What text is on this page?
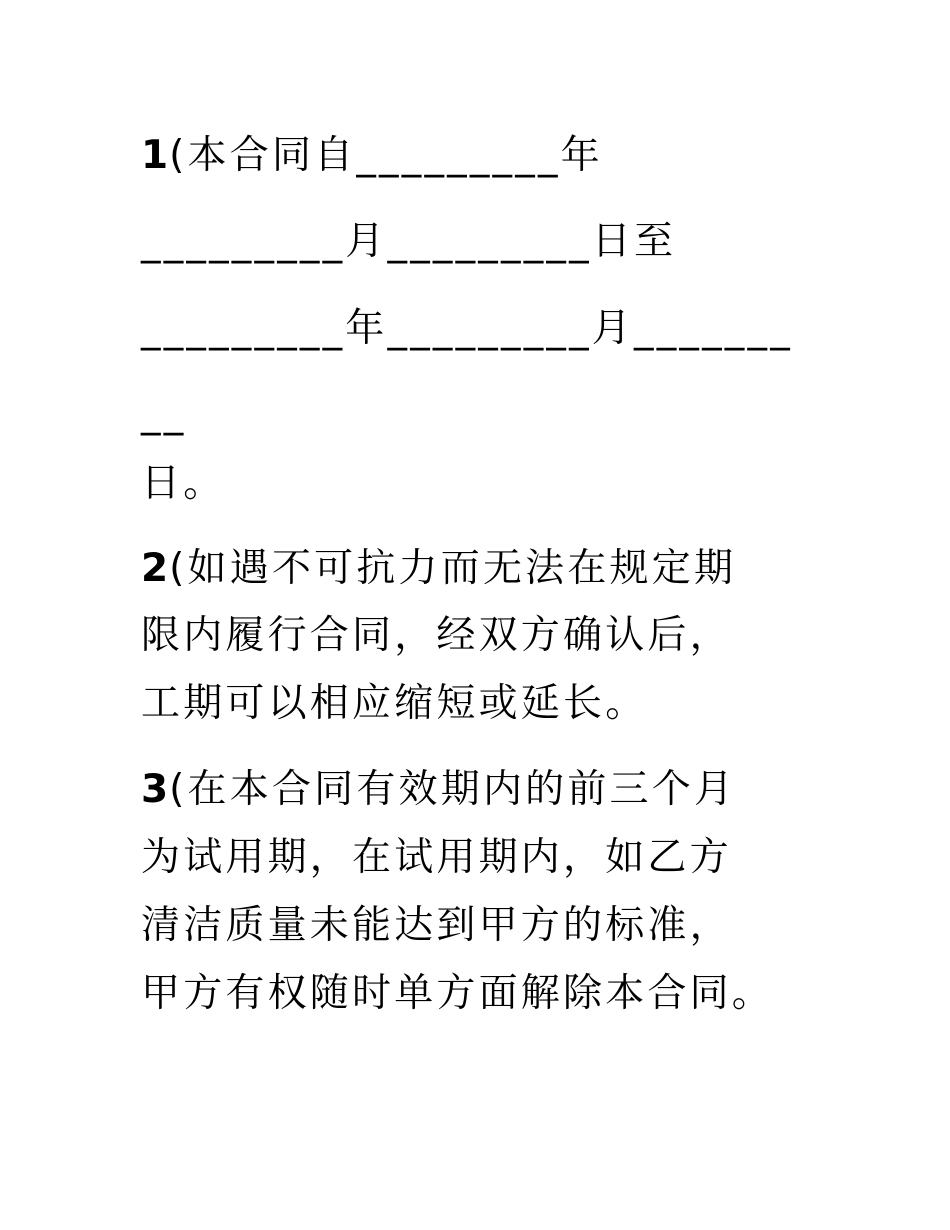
1(本合同自_________年

_________月_________日至

_________年_________月_______

__

日。

2(如遇不可抗力而无法在规定期

限内履行合同，经双方确认后，

工期可以相应缩短或延长。

3(在本合同有效期内的前三个月

为试用期，在试用期内，如乙方

清洁质量未能达到甲方的标准，

甲方有权随时单方面解除本合同。
